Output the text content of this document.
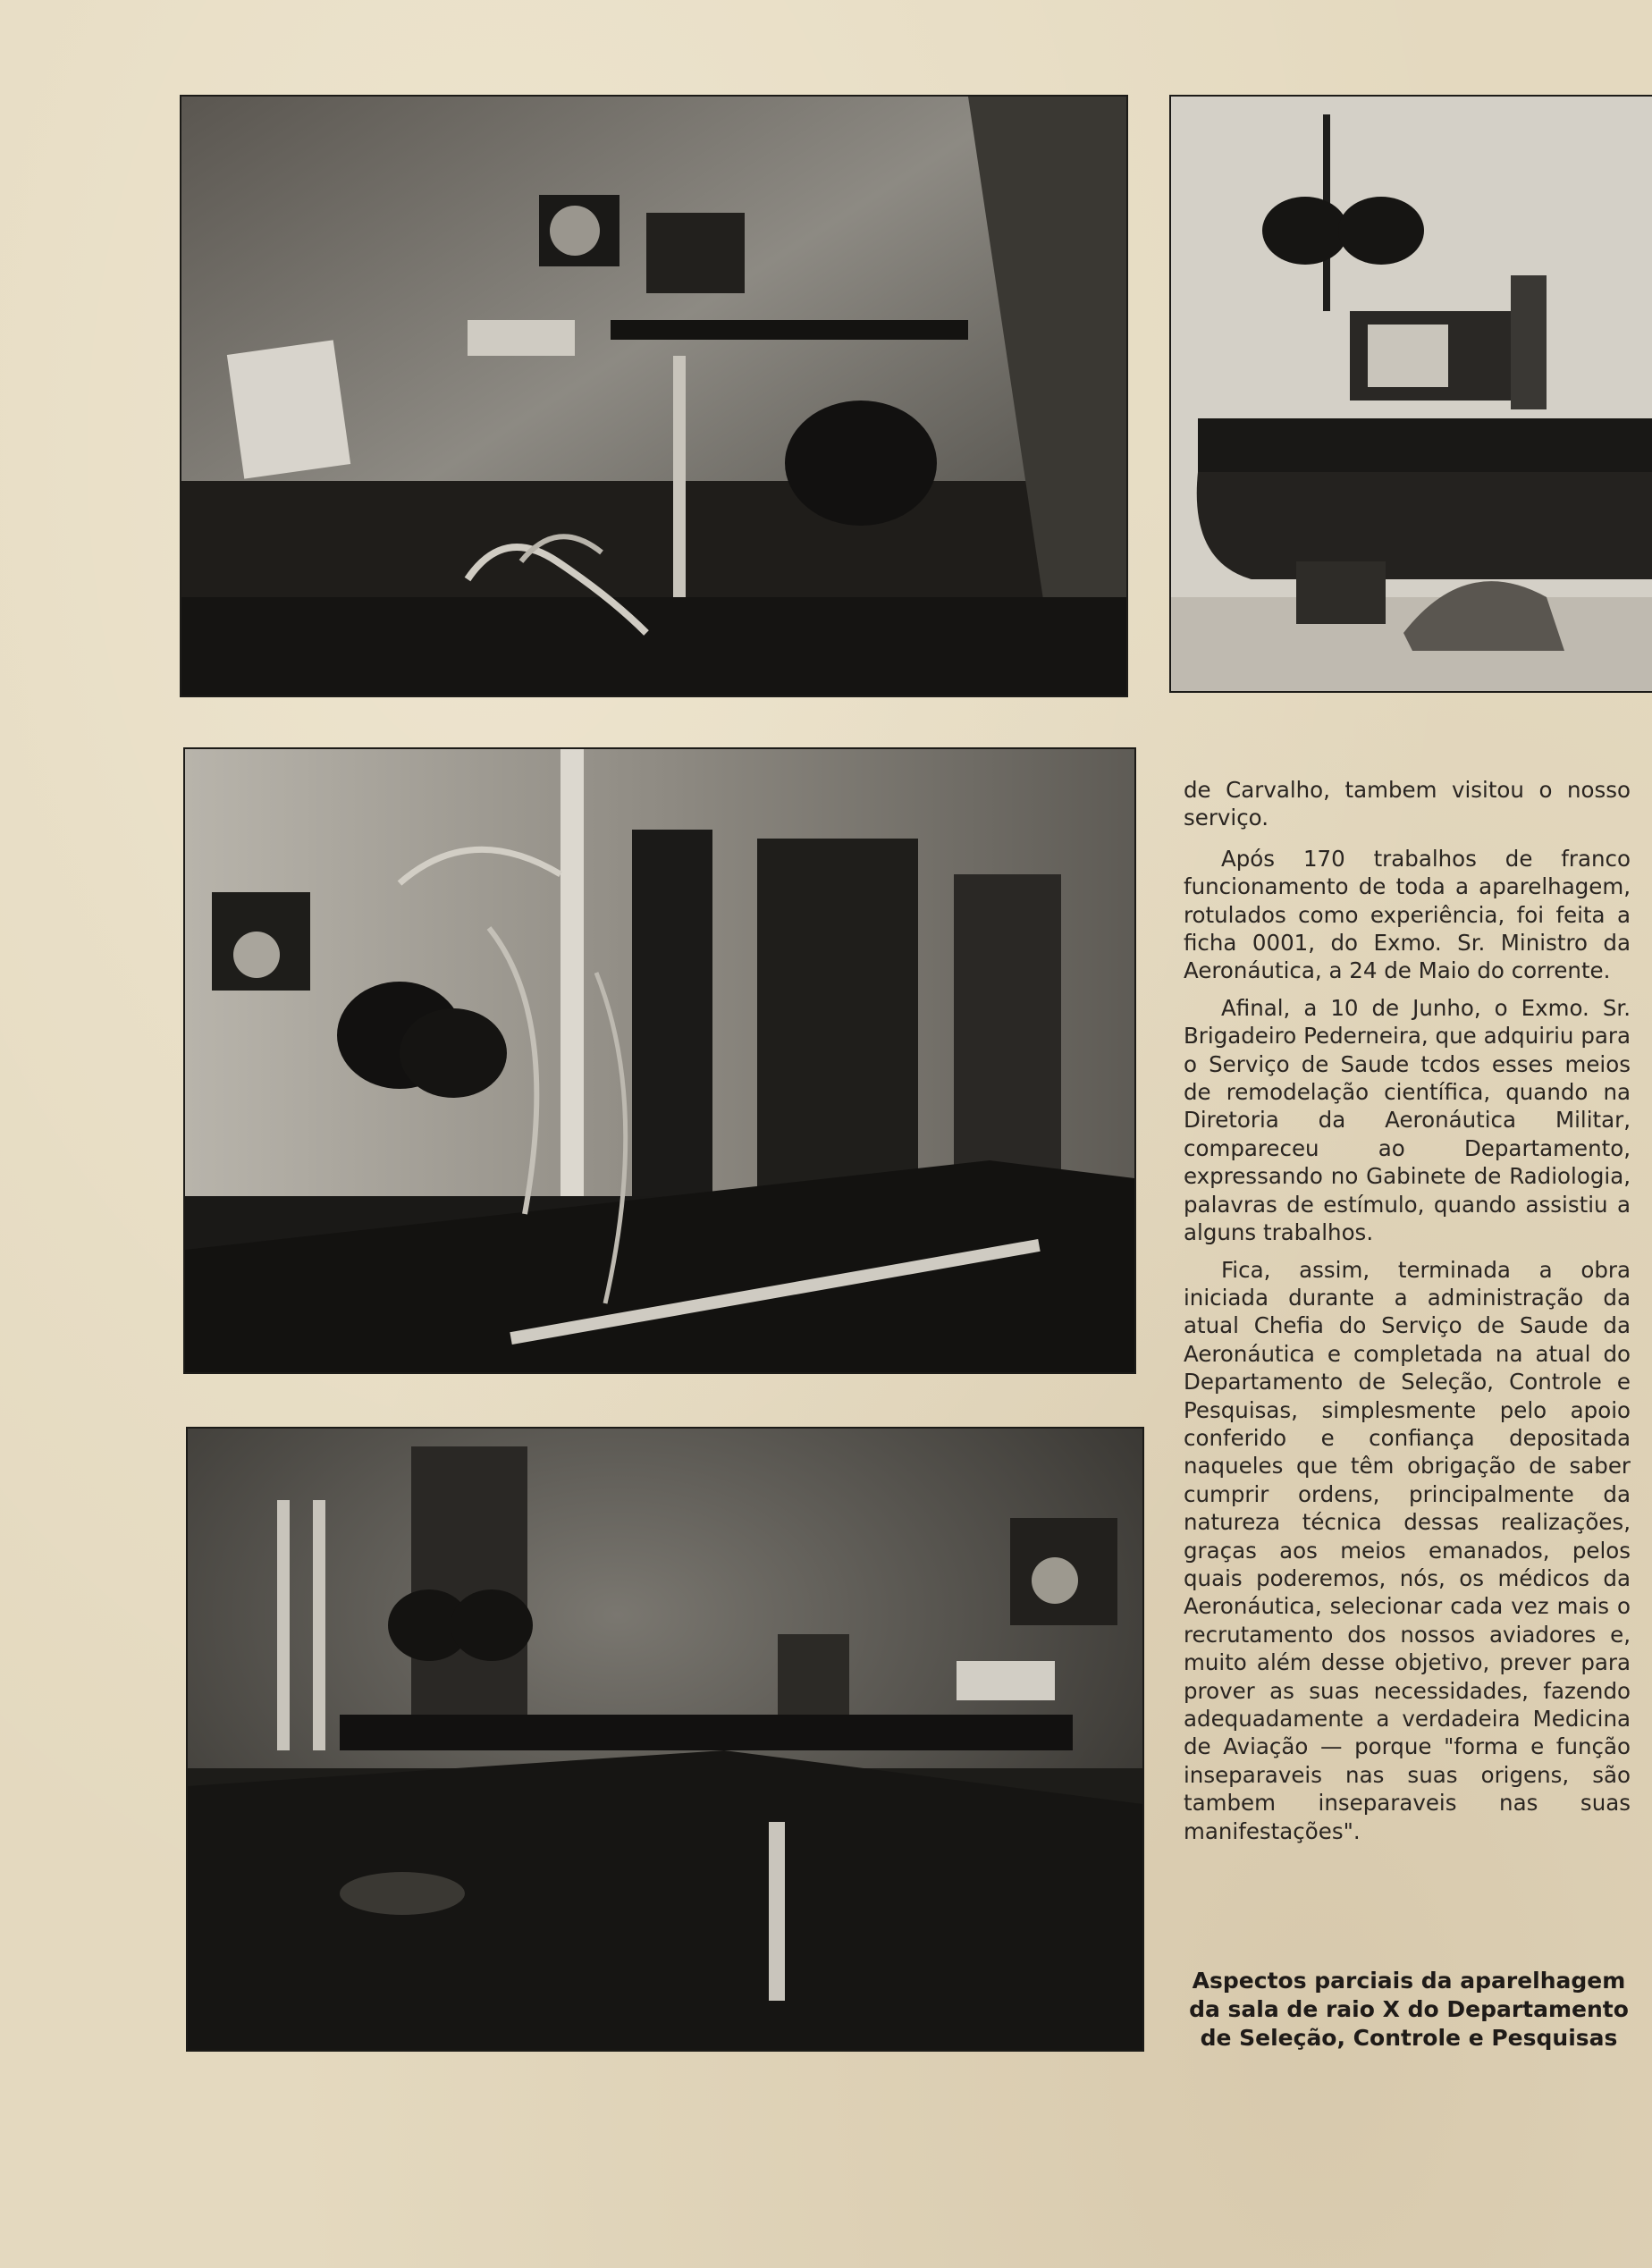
de Carvalho, tambem visitou o nosso serviço.

Após 170 trabalhos de franco funcionamento de toda a aparelhagem, rotulados como experiência, foi feita a ficha 0001, do Exmo. Sr. Ministro da Aeronáutica, a 24 de Maio do corrente.

Afinal, a 10 de Junho, o Exmo. Sr. Brigadeiro Pederneira, que adquiriu para o Serviço de Saude tcdos esses meios de remodelação científica, quando na Diretoria da Aeronáutica Militar, compareceu ao Departamento, expressando no Gabinete de Radiologia, palavras de estímulo, quando assistiu a alguns trabalhos.

Fica, assim, terminada a obra iniciada durante a administração da atual Chefia do Serviço de Saude da Aeronáutica e completada na atual do Departamento de Seleção, Controle e Pesquisas, simplesmente pelo apoio conferido e confiança depositada naqueles que têm obrigação de saber cumprir ordens, principalmente da natureza técnica dessas realizações, graças aos meios emanados, pelos quais poderemos, nós, os médicos da Aeronáutica, selecionar cada vez mais o recrutamento dos nossos aviadores e, muito além desse objetivo, prever para prover as suas necessidades, fazendo adequadamente a verdadeira Medicina de Aviação — porque "forma e função inseparaveis nas suas origens, são tambem inseparaveis nas suas manifestações".

Aspectos parciais da aparelhagem da sala de raio X do Departamento de Seleção, Controle e Pesquisas
